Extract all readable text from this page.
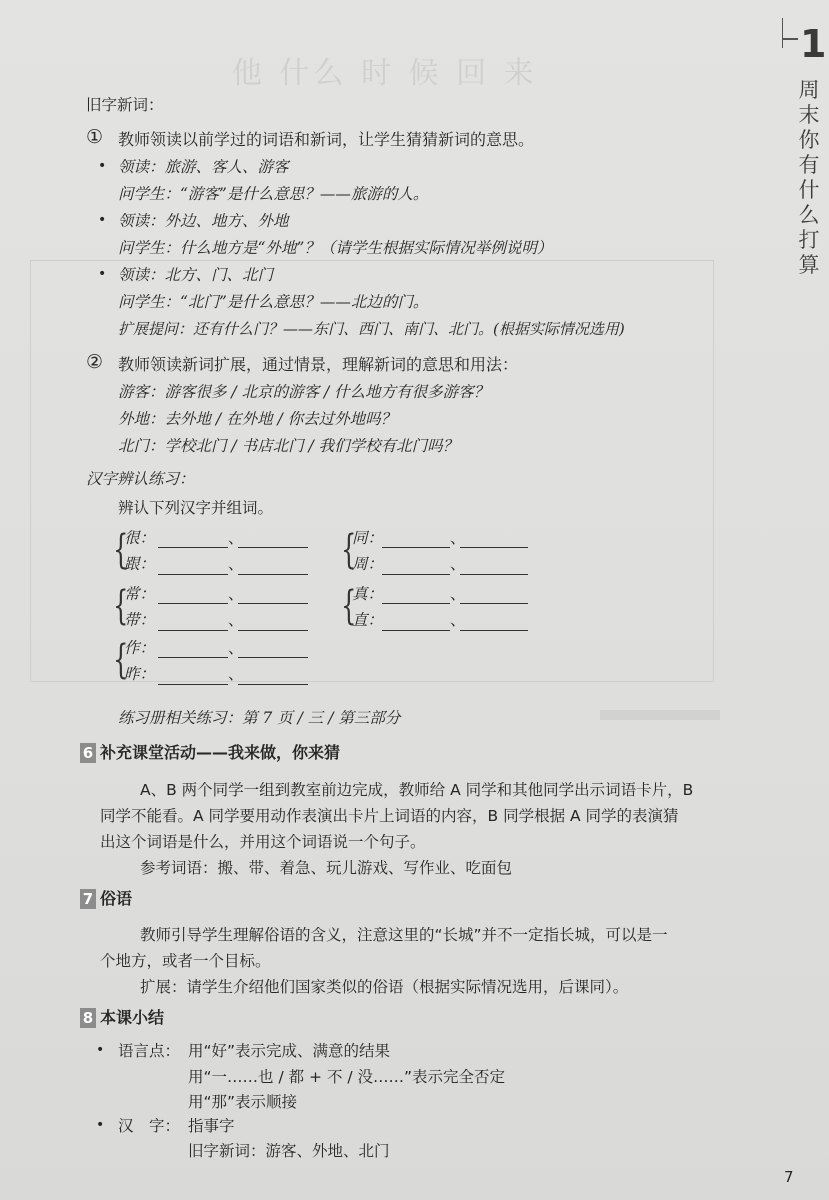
他 什么 时 候 回 来
1
周末你有什么打算
旧字新词：
① 教师领读以前学过的词语和新词，让学生猜猜新词的意思。
• 领读：旅游、客人、游客
问学生：“游客”是什么意思？——旅游的人。
• 领读：外边、地方、外地
问学生：什么地方是“外地”？（请学生根据实际情况举例说明）
• 领读：北方、门、北门
问学生：“北门”是什么意思？——北边的门。
扩展提问：还有什么门？——东门、西门、南门、北门。(根据实际情况选用)
② 教师领读新词扩展，通过情景，理解新词的意思和用法：
游客：游客很多 / 北京的游客 / 什么地方有很多游客？
外地：去外地 / 在外地 / 你去过外地吗？
北门：学校北门 / 书店北门 / 我们学校有北门吗？
汉字辨认练习：
辨认下列汉字并组词。
{
很：	、
跟：	、
{
常：	、
带：	、
{
作：	、
昨：	、
{
同：	、
周：	、
{
真：	、
直：	、
练习册相关练习：第 7 页 / 三 / 第三部分
6 补充课堂活动——我来做，你来猜
A、B 两个同学一组到教室前边完成，教师给 A 同学和其他同学出示词语卡片，B
同学不能看。A 同学要用动作表演出卡片上词语的内容，B 同学根据 A 同学的表演猜
出这个词语是什么，并用这个词语说一个句子。
参考词语：搬、带、着急、玩儿游戏、写作业、吃面包
7 俗语
教师引导学生理解俗语的含义，注意这里的“长城”并不一定指长城，可以是一
个地方，或者一个目标。
扩展：请学生介绍他们国家类似的俗语（根据实际情况选用，后课同）。
8 本课小结
• 语言点： 用“好”表示完成、满意的结果
用“一……也 / 都 + 不 / 没……”表示完全否定
用“那”表示顺接
• 汉　字： 指事字
旧字新词：游客、外地、北门
7
